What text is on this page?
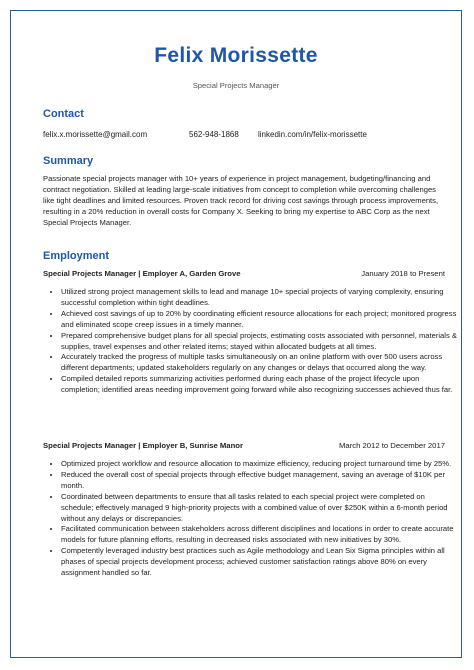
Felix Morissette
Special Projects Manager
Contact
felix.x.morissette@gmail.com	562-948-1868 linkedin.com/in/felix-morissette
Summary
Passionate special projects manager with 10+ years of experience in project management, budgeting/financing and contract negotiation. Skilled at leading large-scale initiatives from concept to completion while overcoming challenges like tight deadlines and limited resources. Proven track record for driving cost savings through process improvements, resulting in a 20% reduction in overall costs for Company X. Seeking to bring my expertise to ABC Corp as the next Special Projects Manager.
Employment
Special Projects Manager | Employer A, Garden Grove	January 2018 to Present
• Utilized strong project management skills to lead and manage 10+ special projects of varying complexity, ensuring successful completion within tight deadlines.
• Achieved cost savings of up to 20% by coordinating efficient resource allocations for each project; monitored progress and eliminated scope creep issues in a timely manner.
• Prepared comprehensive budget plans for all special projects, estimating costs associated with personnel, materials & supplies, travel expenses and other related items; stayed within allocated budgets at all times.
• Accurately tracked the progress of multiple tasks simultaneously on an online platform with over 500 users across different departments; updated stakeholders regularly on any changes or delays that occurred along the way.
• Compiled detailed reports summarizing activities performed during each phase of the project lifecycle upon completion; identified areas needing improvement going forward while also recognizing successes achieved thus far.
Special Projects Manager | Employer B, Sunrise Manor	March 2012 to December 2017
• Optimized project workflow and resource allocation to maximize efficiency, reducing project turnaround time by 25%.
• Reduced the overall cost of special projects through effective budget management, saving an average of $10K per month.
• Coordinated between departments to ensure that all tasks related to each special project were completed on schedule; effectively managed 9 high-priority projects with a combined value of over $250K within a 6-month period without any delays or discrepancies.
• Facilitated communication between stakeholders across different disciplines and locations in order to create accurate models for future planning efforts, resulting in decreased risks associated with new initiatives by 30%.
• Competently leveraged industry best practices such as Agile methodology and Lean Six Sigma principles within all phases of special projects development process; achieved customer satisfaction ratings above 80% on every assignment handled so far.
